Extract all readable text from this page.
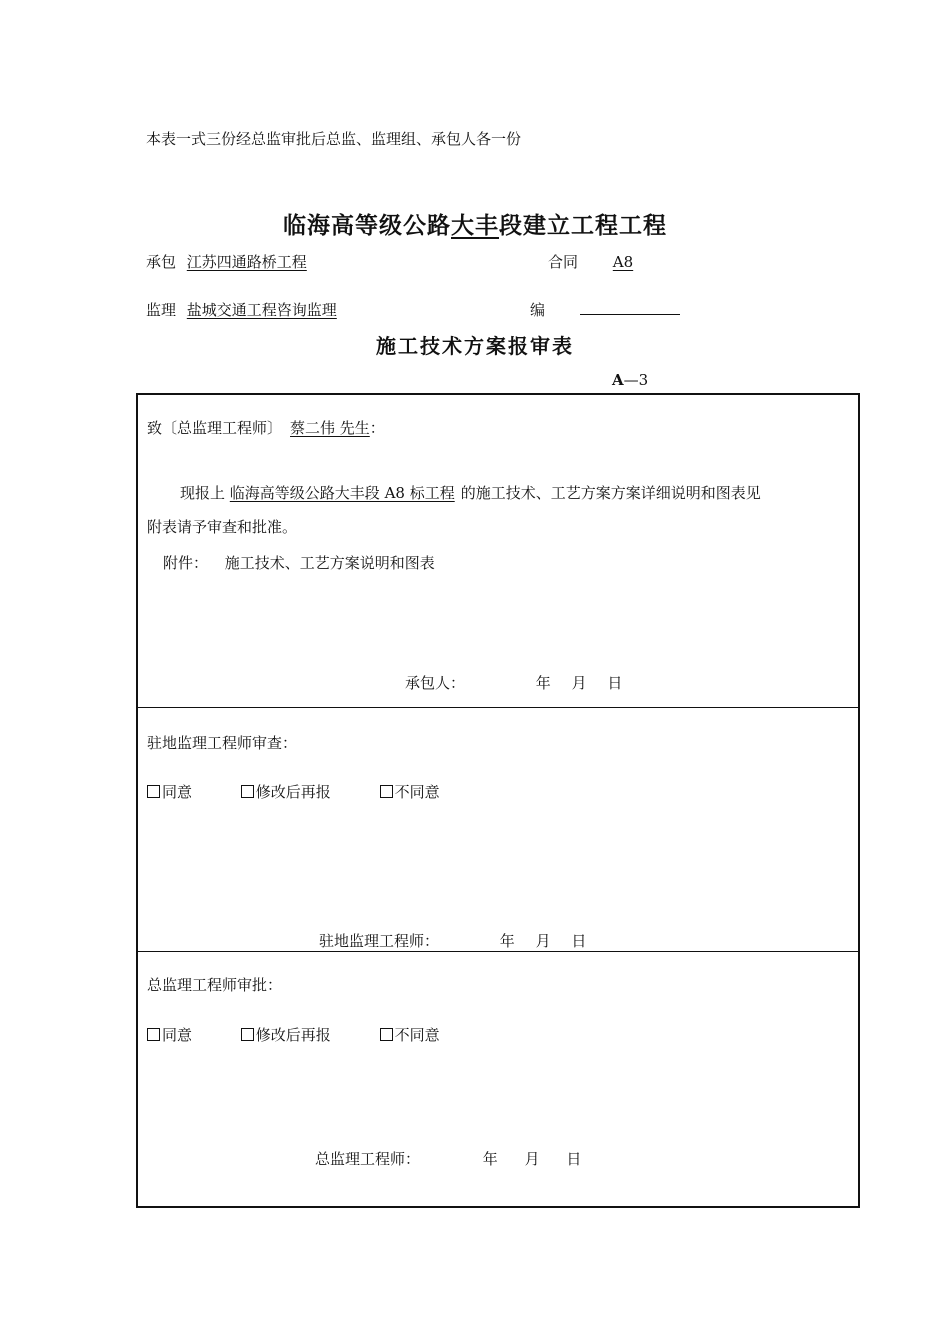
本表一式三份经总监审批后总监、监理组、承包人各一份
临海高等级公路大丰段建立工程工程
承包 江苏四通路桥工程	合同 A8
监理 盐城交通工程咨询监理	编
施工技术方案报审表
A—3
致〔总监理工程师〕 蔡二伟 先生：
现报上 临海高等级公路大丰段 A8 标工程 的施工技术、工艺方案方案详细说明和图表见
附表请予审查和批准。
附件： 施工技术、工艺方案说明和图表
承包人：	年 月 日
驻地监理工程师审查：
同意	修改后再报	不同意
驻地监理工程师：	年 月 日
总监理工程师审批：
同意	修改后再报	不同意
总监理工程师：	年 月 日
